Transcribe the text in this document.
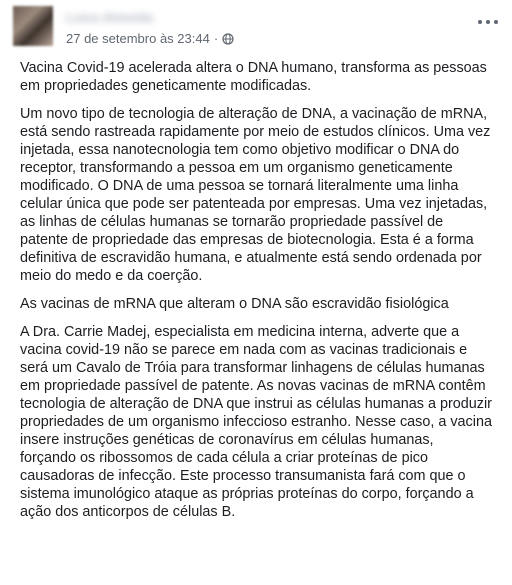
Luiza Almeida
27 de setembro às 23:44 ·

Vacina Covid-19 acelerada altera o DNA humano, transforma as pessoas em propriedades geneticamente modificadas.

Um novo tipo de tecnologia de alteração de DNA, a vacinação de mRNA, está sendo rastreada rapidamente por meio de estudos clínicos. Uma vez injetada, essa nanotecnologia tem como objetivo modificar o DNA do receptor, transformando a pessoa em um organismo geneticamente modificado. O DNA de uma pessoa se tornará literalmente uma linha celular única que pode ser patenteada por empresas. Uma vez injetadas, as linhas de células humanas se tornarão propriedade passível de patente de propriedade das empresas de biotecnologia. Esta é a forma definitiva de escravidão humana, e atualmente está sendo ordenada por meio do medo e da coerção.

As vacinas de mRNA que alteram o DNA são escravidão fisiológica

A Dra. Carrie Madej, especialista em medicina interna, adverte que a vacina covid-19 não se parece em nada com as vacinas tradicionais e será um Cavalo de Tróia para transformar linhagens de células humanas em propriedade passível de patente. As novas vacinas de mRNA contêm tecnologia de alteração de DNA que instrui as células humanas a produzir propriedades de um organismo infeccioso estranho. Nesse caso, a vacina insere instruções genéticas de coronavírus em células humanas, forçando os ribossomos de cada célula a criar proteínas de pico causadoras de infecção. Este processo transumanista fará com que o sistema imunológico ataque as próprias proteínas do corpo, forçando a ação dos anticorpos de células B.
